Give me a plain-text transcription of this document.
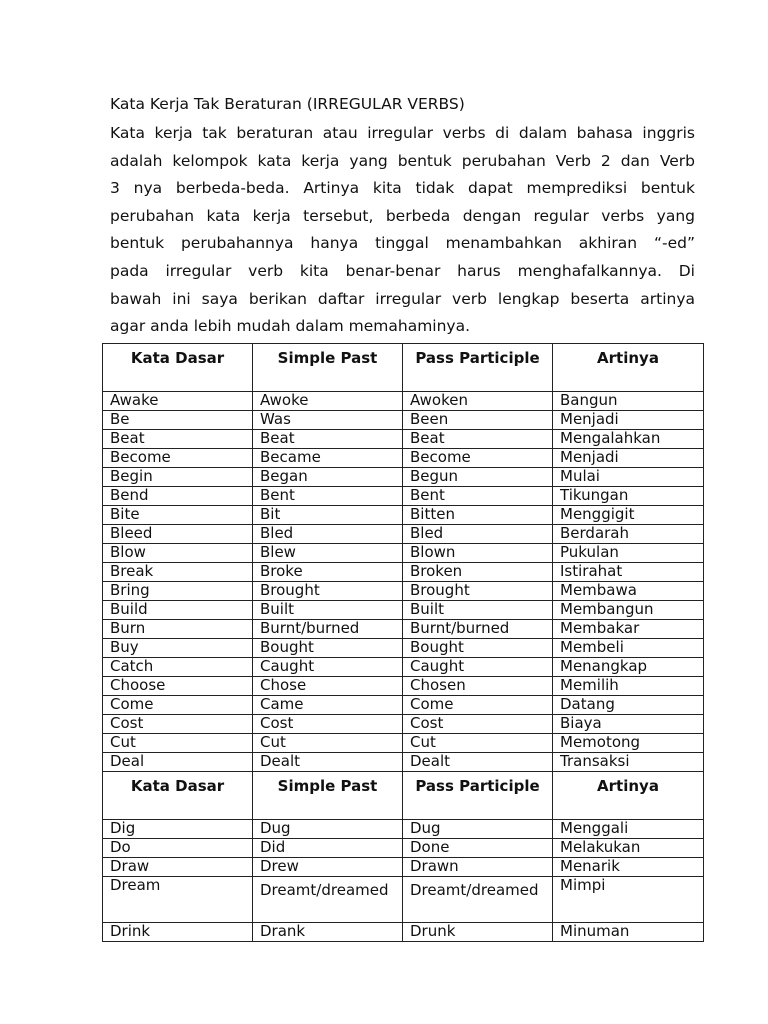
Kata Kerja Tak Beraturan (IRREGULAR VERBS)
Kata kerja tak beraturan atau irregular verbs di dalam bahasa inggris
adalah kelompok kata kerja yang bentuk perubahan Verb 2 dan Verb
3 nya berbeda-beda. Artinya kita tidak dapat memprediksi bentuk
perubahan kata kerja tersebut, berbeda dengan regular verbs yang
bentuk perubahannya hanya tinggal menambahkan akhiran “-ed”
pada irregular verb kita benar-benar harus menghafalkannya. Di
bawah ini saya berikan daftar irregular verb lengkap beserta artinya
agar anda lebih mudah dalam memahaminya.
Kata Dasar	Simple Past	Pass Participle	Artinya
Awake	Awoke	Awoken	Bangun
Be	Was	Been	Menjadi
Beat	Beat	Beat	Mengalahkan
Become	Became	Become	Menjadi
Begin	Began	Begun	Mulai
Bend	Bent	Bent	Tikungan
Bite	Bit	Bitten	Menggigit
Bleed	Bled	Bled	Berdarah
Blow	Blew	Blown	Pukulan
Break	Broke	Broken	Istirahat
Bring	Brought	Brought	Membawa
Build	Built	Built	Membangun
Burn	Burnt/burned	Burnt/burned	Membakar
Buy	Bought	Bought	Membeli
Catch	Caught	Caught	Menangkap
Choose	Chose	Chosen	Memilih
Come	Came	Come	Datang
Cost	Cost	Cost	Biaya
Cut	Cut	Cut	Memotong
Deal	Dealt	Dealt	Transaksi
Kata Dasar	Simple Past	Pass Participle	Artinya
Dig	Dug	Dug	Menggali
Do	Did	Done	Melakukan
Draw	Drew	Drawn	Menarik
Dream	Dreamt/dreamed	Dreamt/dreamed	Mimpi
Drink	Drank	Drunk	Minuman
